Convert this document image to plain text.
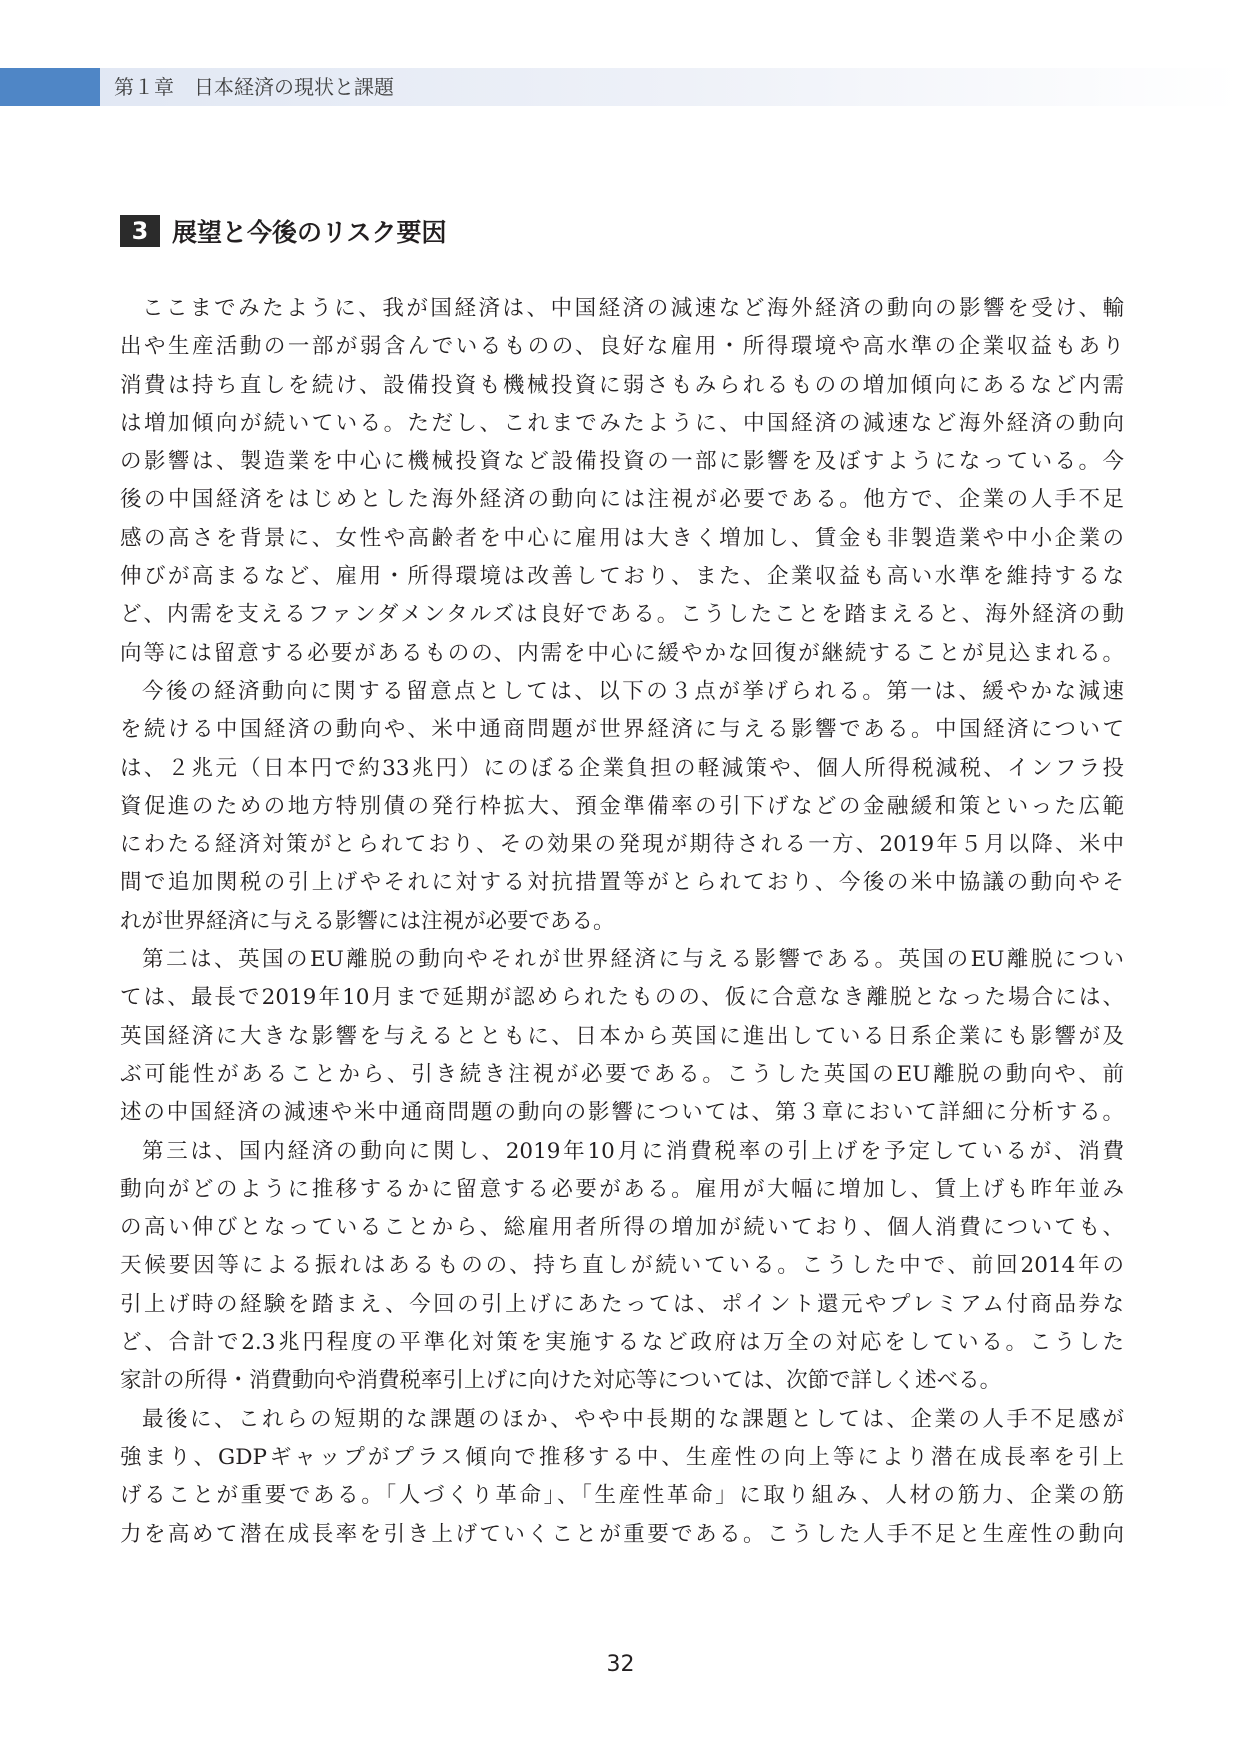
第１章　日本経済の現状と課題
3 展望と今後のリスク要因
ここまでみたように、我が国経済は、中国経済の減速など海外経済の動向の影響を受け、輸
出や生産活動の一部が弱含んでいるものの、良好な雇用・所得環境や高水準の企業収益もあり
消費は持ち直しを続け、設備投資も機械投資に弱さもみられるものの増加傾向にあるなど内需
は増加傾向が続いている。ただし、これまでみたように、中国経済の減速など海外経済の動向
の影響は、製造業を中心に機械投資など設備投資の一部に影響を及ぼすようになっている。今
後の中国経済をはじめとした海外経済の動向には注視が必要である。他方で、企業の人手不足
感の高さを背景に、女性や高齢者を中心に雇用は大きく増加し、賃金も非製造業や中小企業の
伸びが高まるなど、雇用・所得環境は改善しており、また、企業収益も高い水準を維持するな
ど、内需を支えるファンダメンタルズは良好である。こうしたことを踏まえると、海外経済の動
向等には留意する必要があるものの、内需を中心に緩やかな回復が継続することが見込まれる。
今後の経済動向に関する留意点としては、以下の３点が挙げられる。第一は、緩やかな減速
を続ける中国経済の動向や、米中通商問題が世界経済に与える影響である。中国経済について
は、２兆元（日本円で約33兆円）にのぼる企業負担の軽減策や、個人所得税減税、インフラ投
資促進のための地方特別債の発行枠拡大、預金準備率の引下げなどの金融緩和策といった広範
にわたる経済対策がとられており、その効果の発現が期待される一方、2019年５月以降、米中
間で追加関税の引上げやそれに対する対抗措置等がとられており、今後の米中協議の動向やそ
れが世界経済に与える影響には注視が必要である。
第二は、英国のEU離脱の動向やそれが世界経済に与える影響である。英国のEU離脱につい
ては、最長で2019年10月まで延期が認められたものの、仮に合意なき離脱となった場合には、
英国経済に大きな影響を与えるとともに、日本から英国に進出している日系企業にも影響が及
ぶ可能性があることから、引き続き注視が必要である。こうした英国のEU離脱の動向や、前
述の中国経済の減速や米中通商問題の動向の影響については、第３章において詳細に分析する。
第三は、国内経済の動向に関し、2019年10月に消費税率の引上げを予定しているが、消費
動向がどのように推移するかに留意する必要がある。雇用が大幅に増加し、賃上げも昨年並み
の高い伸びとなっていることから、総雇用者所得の増加が続いており、個人消費についても、
天候要因等による振れはあるものの、持ち直しが続いている。こうした中で、前回2014年の
引上げ時の経験を踏まえ、今回の引上げにあたっては、ポイント還元やプレミアム付商品券な
ど、合計で2.3兆円程度の平準化対策を実施するなど政府は万全の対応をしている。こうした
家計の所得・消費動向や消費税率引上げに向けた対応等については、次節で詳しく述べる。
最後に、これらの短期的な課題のほか、やや中長期的な課題としては、企業の人手不足感が
強まり、GDPギャップがプラス傾向で推移する中、生産性の向上等により潜在成長率を引上
げることが重要である。「人づくり革命」、「生産性革命」に取り組み、人材の筋力、企業の筋
力を高めて潜在成長率を引き上げていくことが重要である。こうした人手不足と生産性の動向
32
